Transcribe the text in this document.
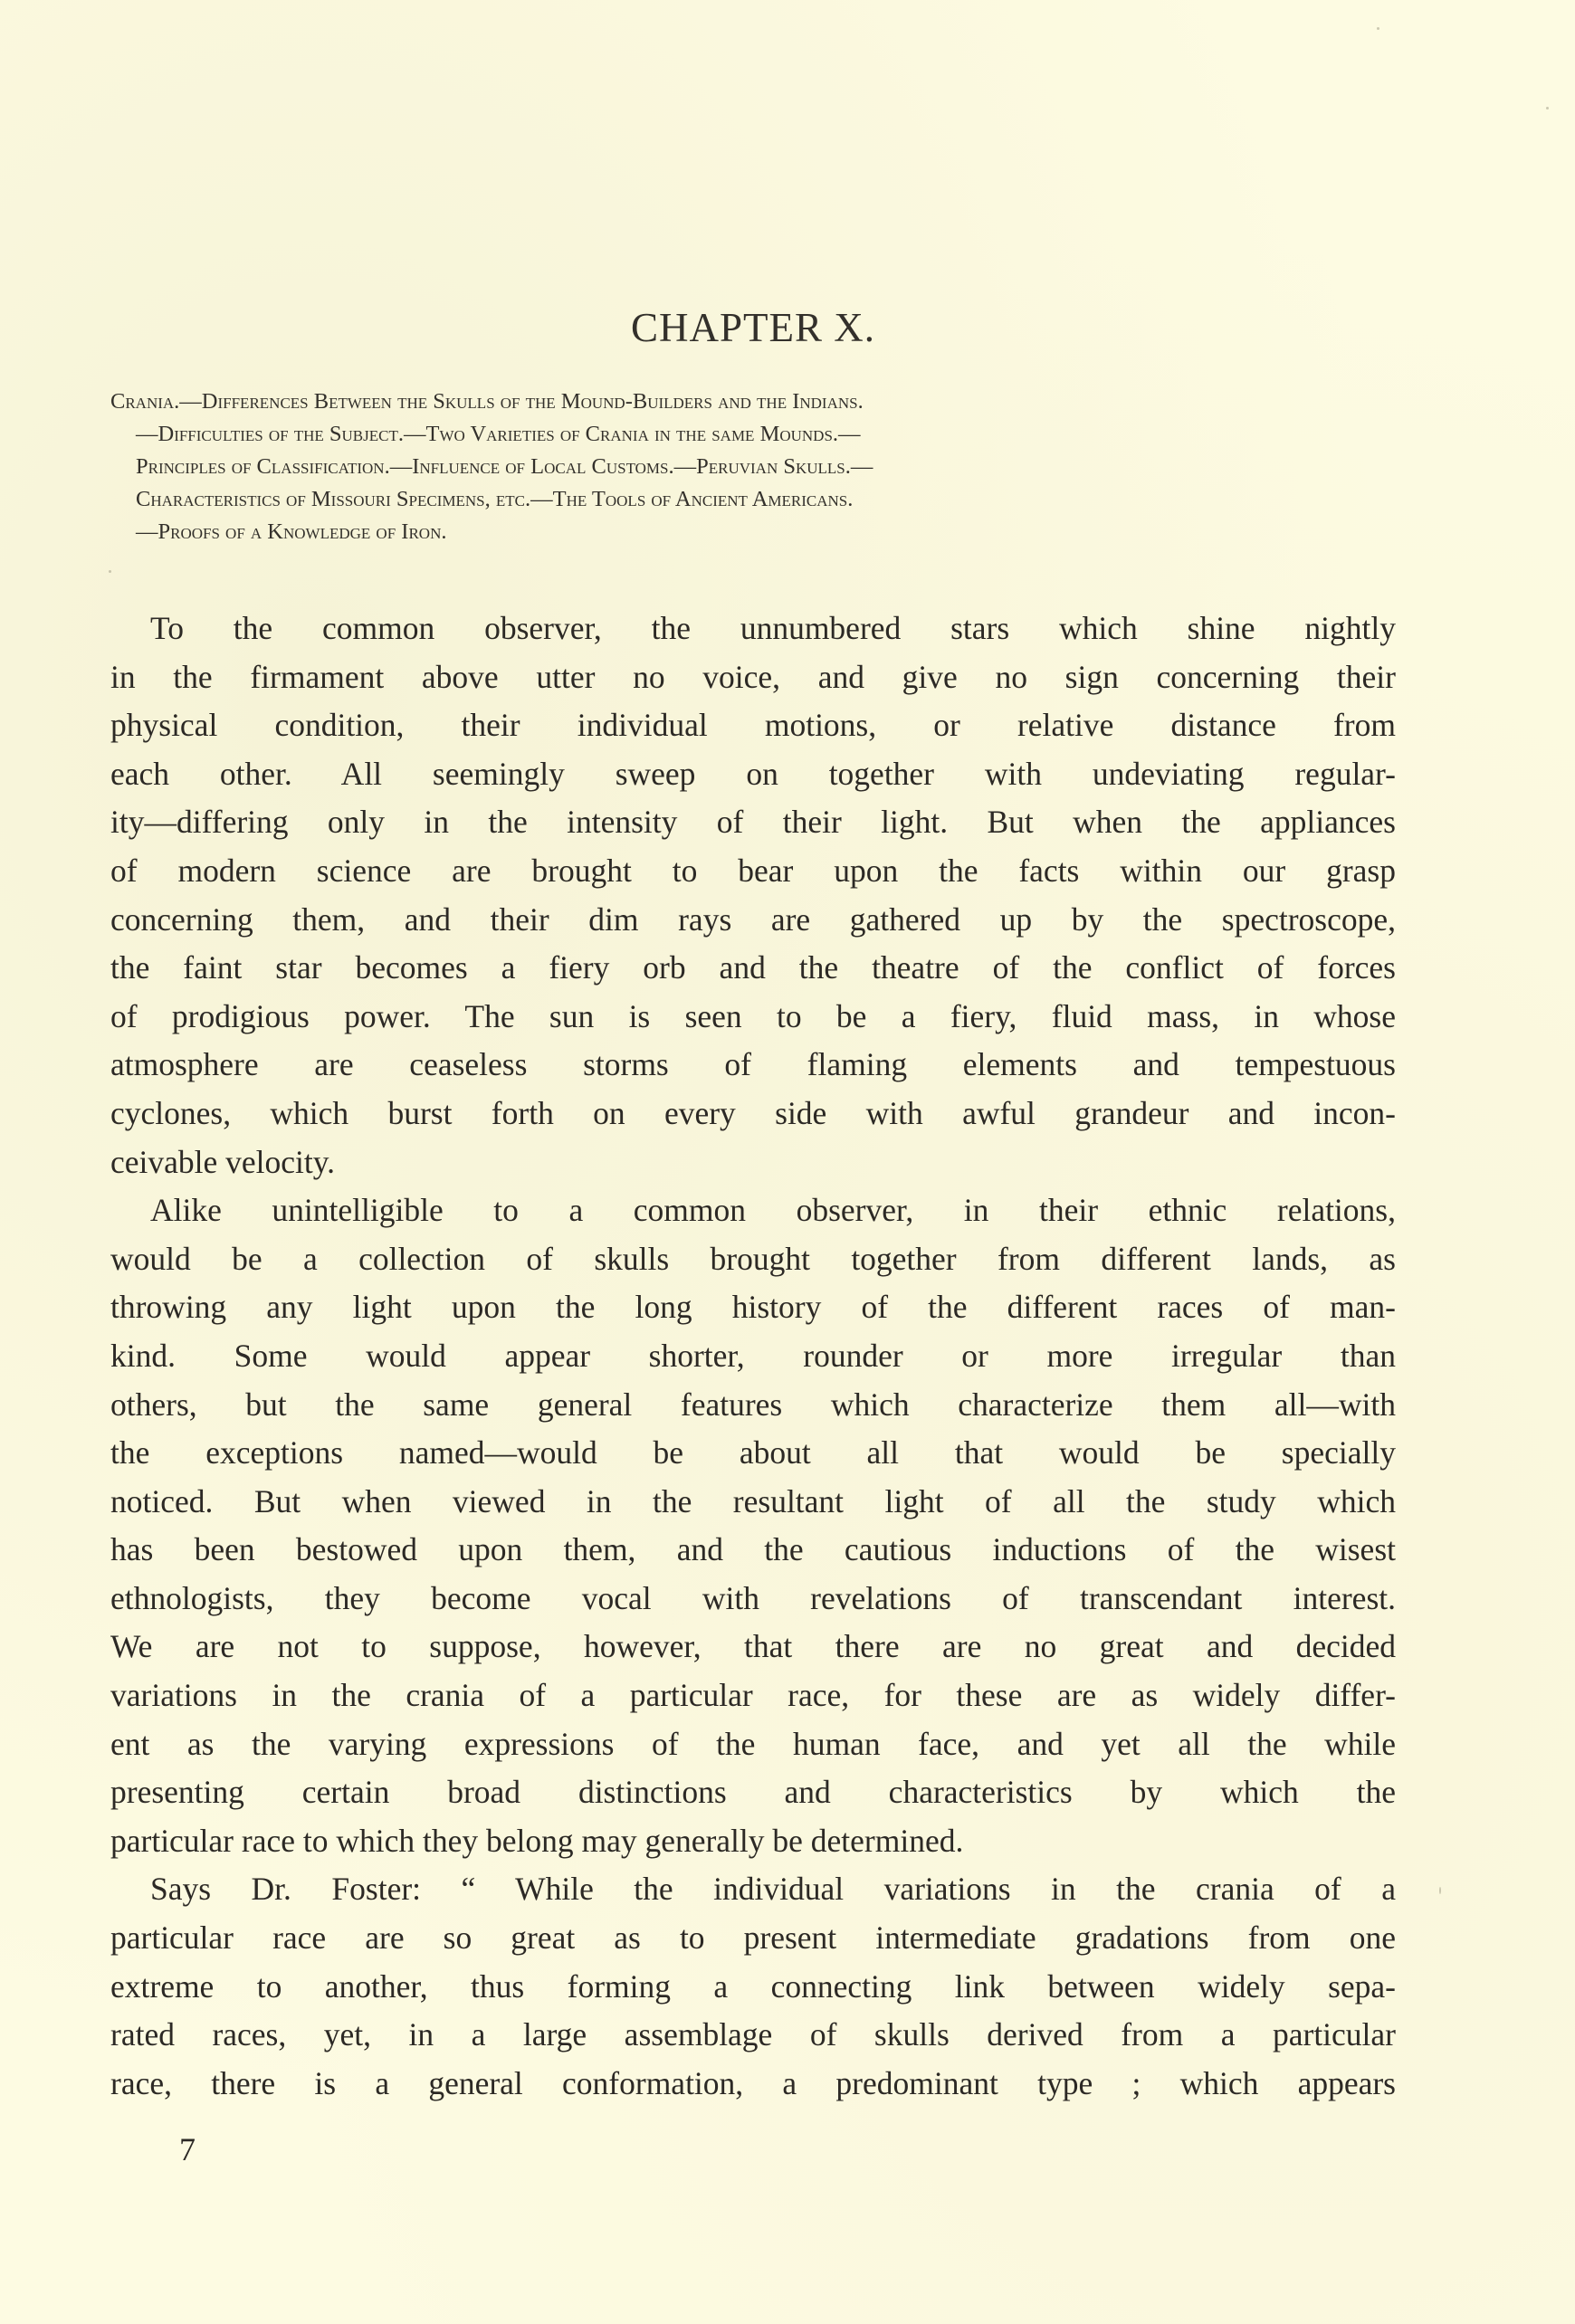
CHAPTER X.
Crania.—Differences Between the Skulls of the Mound-Builders and the Indians.
—Difficulties of the Subject.—Two Varieties of Crania in the same Mounds.—
Principles of Classification.—Influence of Local Customs.—Peruvian Skulls.—
Characteristics of Missouri Specimens, etc.—The Tools of Ancient Americans.
—Proofs of a Knowledge of Iron.
To the common observer, the unnumbered stars which shine nightly
in the firmament above utter no voice, and give no sign concerning their
physical condition, their individual motions, or relative distance from
each other. All seemingly sweep on together with undeviating regular-
ity—differing only in the intensity of their light. But when the appliances
of modern science are brought to bear upon the facts within our grasp
concerning them, and their dim rays are gathered up by the spectroscope,
the faint star becomes a fiery orb and the theatre of the conflict of forces
of prodigious power. The sun is seen to be a fiery, fluid mass, in whose
atmosphere are ceaseless storms of flaming elements and tempestuous
cyclones, which burst forth on every side with awful grandeur and incon-
ceivable velocity.
Alike unintelligible to a common observer, in their ethnic relations,
would be a collection of skulls brought together from different lands, as
throwing any light upon the long history of the different races of man-
kind. Some would appear shorter, rounder or more irregular than
others, but the same general features which characterize them all—with
the exceptions named—would be about all that would be specially
noticed. But when viewed in the resultant light of all the study which
has been bestowed upon them, and the cautious inductions of the wisest
ethnologists, they become vocal with revelations of transcendant interest.
We are not to suppose, however, that there are no great and decided
variations in the crania of a particular race, for these are as widely differ-
ent as the varying expressions of the human face, and yet all the while
presenting certain broad distinctions and characteristics by which the
particular race to which they belong may generally be determined.
Says Dr. Foster: “ While the individual variations in the crania of a
particular race are so great as to present intermediate gradations from one
extreme to another, thus forming a connecting link between widely sepa-
rated races, yet, in a large assemblage of skulls derived from a particular
race, there is a general conformation, a predominant type ; which appears
7
